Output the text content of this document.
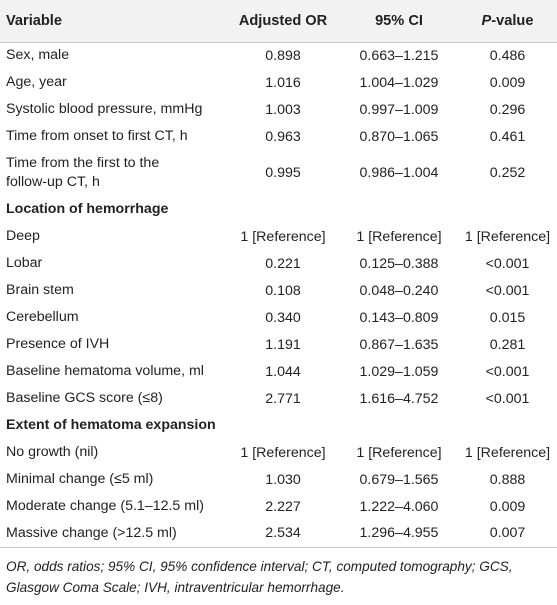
Variable	Adjusted OR	95% CI	P-value
Sex, male	0.898	0.663–1.215	0.486
Age, year	1.016	1.004–1.029	0.009
Systolic blood pressure, mmHg	1.003	0.997–1.009	0.296
Time from onset to first CT, h	0.963	0.870–1.065	0.461
Time from the first to the
follow-up CT, h	0.995	0.986–1.004	0.252
Location of hemorrhage			
Deep	1 [Reference]	1 [Reference]	1 [Reference]
Lobar	0.221	0.125–0.388	<0.001
Brain stem	0.108	0.048–0.240	<0.001
Cerebellum	0.340	0.143–0.809	0.015
Presence of IVH	1.191	0.867–1.635	0.281
Baseline hematoma volume, ml	1.044	1.029–1.059	<0.001
Baseline GCS score (≤8)	2.771	1.616–4.752	<0.001
Extent of hematoma expansion			
No growth (nil)	1 [Reference]	1 [Reference]	1 [Reference]
Minimal change (≤5 ml)	1.030	0.679–1.565	0.888
Moderate change (5.1–12.5 ml)	2.227	1.222–4.060	0.009
Massive change (>12.5 ml)	2.534	1.296–4.955	0.007
OR, odds ratios; 95% CI, 95% confidence interval; CT, computed tomography; GCS, Glasgow Coma Scale; IVH, intraventricular hemorrhage.
